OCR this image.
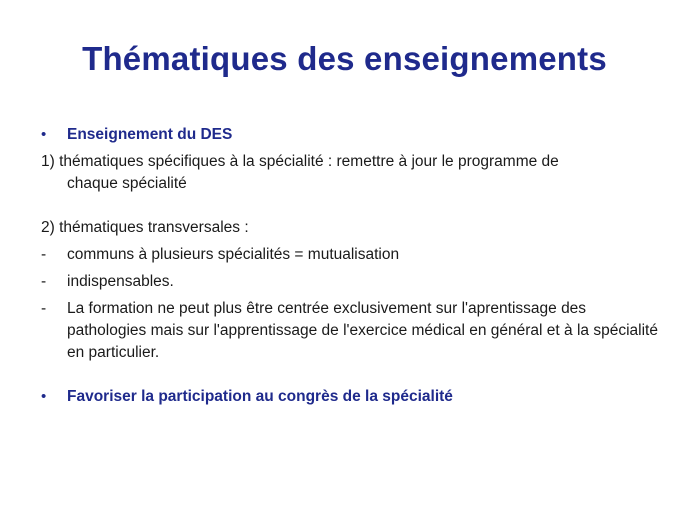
Thématiques des enseignements

•	Enseignement du DES

1) thématiques spécifiques à la spécialité : remettre à jour le programme de
chaque spécialité

2) thématiques transversales :

-	communs à plusieurs spécialités = mutualisation

-	indispensables.

-	La formation ne peut plus être centrée exclusivement sur l'aprentissage des pathologies mais sur l'apprentissage de l'exercice médical en général et à la spécialité en particulier.

•	Favoriser la participation au congrès de la spécialité
